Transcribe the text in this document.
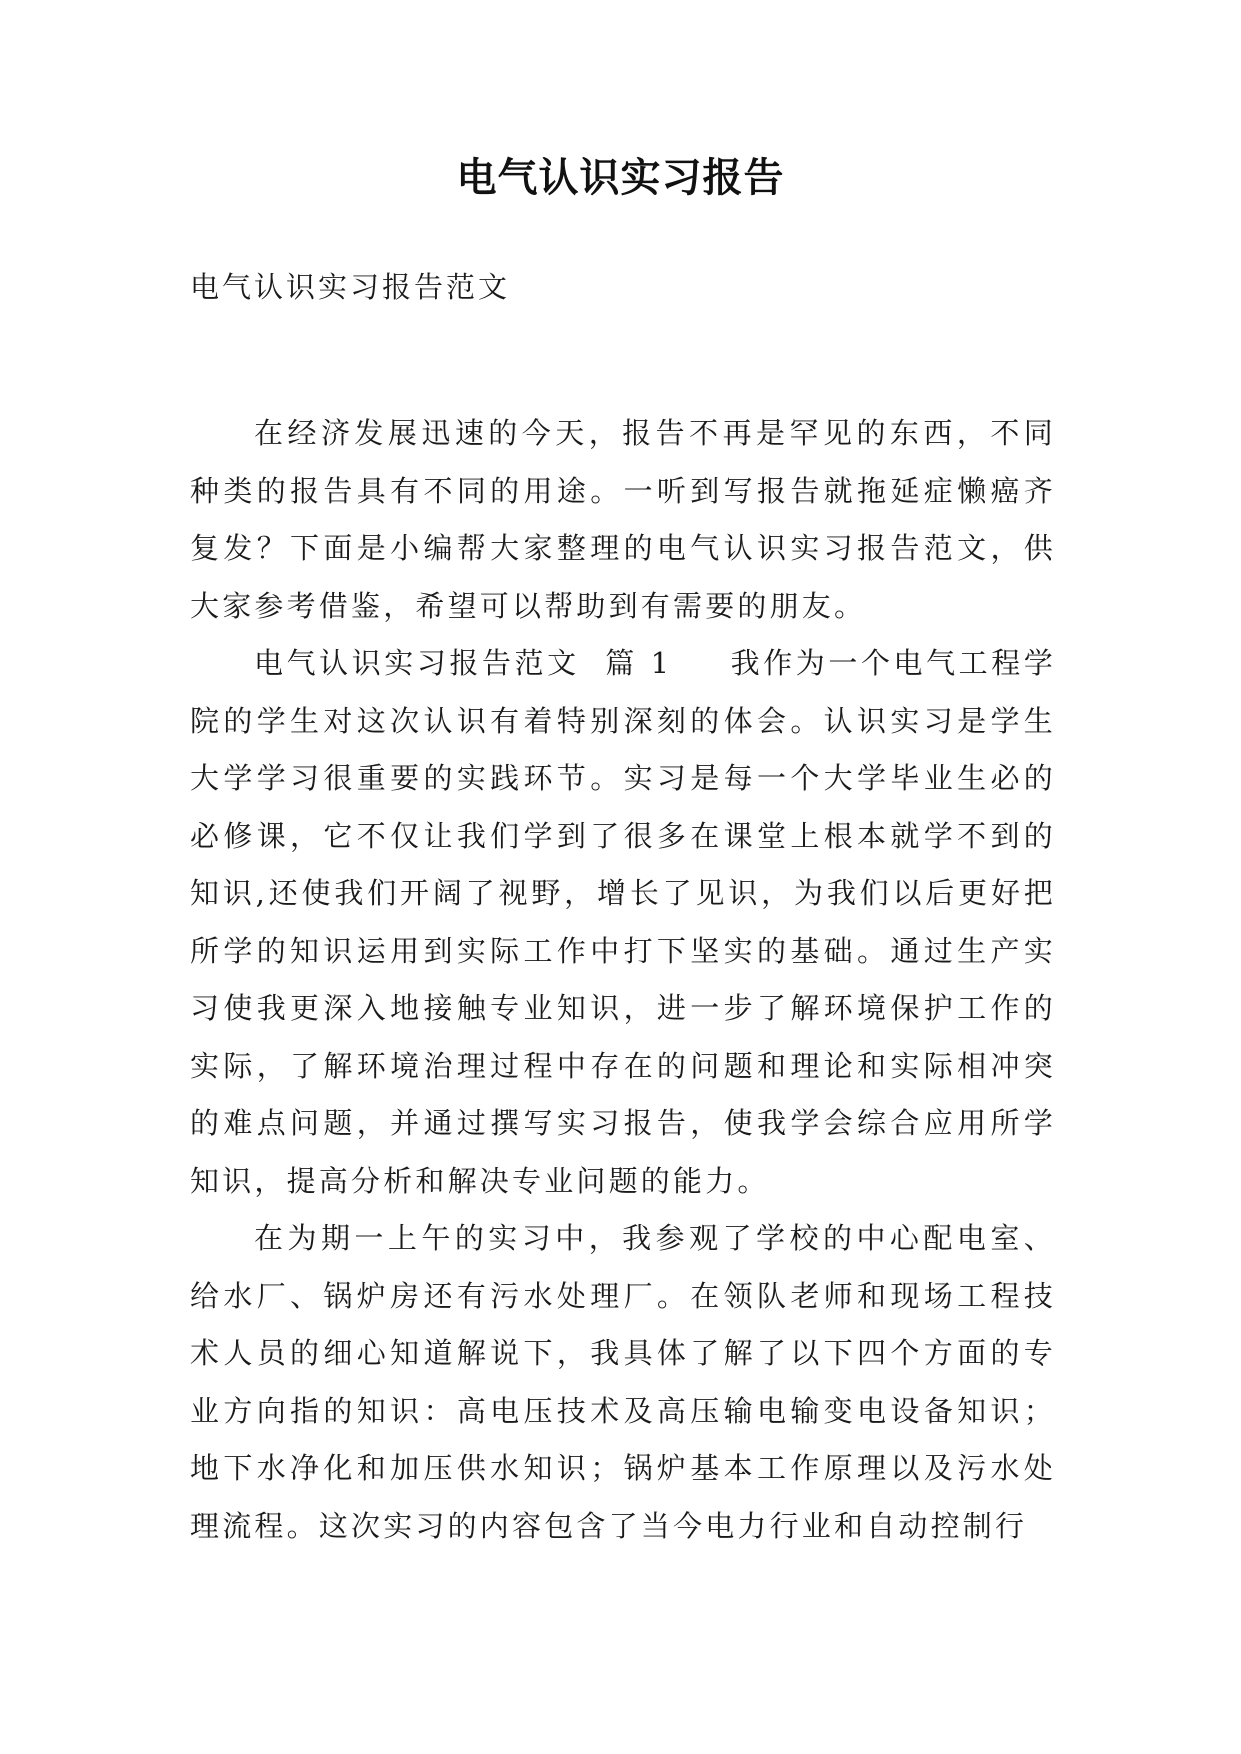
电气认识实习报告
电气认识实习报告范文

在经济发展迅速的今天，报告不再是罕见的东西，不同种类的报告具有不同的用途。一听到写报告就拖延症懒癌齐复发？下面是小编帮大家整理的电气认识实习报告范文，供大家参考借鉴，希望可以帮助到有需要的朋友。

电气认识实习报告范文  篇 1 我作为一个电气工程学院的学生对这次认识有着特别深刻的体会。认识实习是学生大学学习很重要的实践环节。实习是每一个大学毕业生必的必修课，它不仅让我们学到了很多在课堂上根本就学不到的知识,还使我们开阔了视野，增长了见识，为我们以后更好把所学的知识运用到实际工作中打下坚实的基础。通过生产实习使我更深入地接触专业知识，进一步了解环境保护工作的实际，了解环境治理过程中存在的问题和理论和实际相冲突的难点问题，并通过撰写实习报告，使我学会综合应用所学知识，提高分析和解决专业问题的能力。

在为期一上午的实习中，我参观了学校的中心配电室、给水厂、锅炉房还有污水处理厂。在领队老师和现场工程技术人员的细心知道解说下，我具体了解了以下四个方面的专业方向指的知识：高电压技术及高压输电输变电设备知识；地下水净化和加压供水知识；锅炉基本工作原理以及污水处理流程。这次实习的内容包含了当今电力行业和自动控制行
